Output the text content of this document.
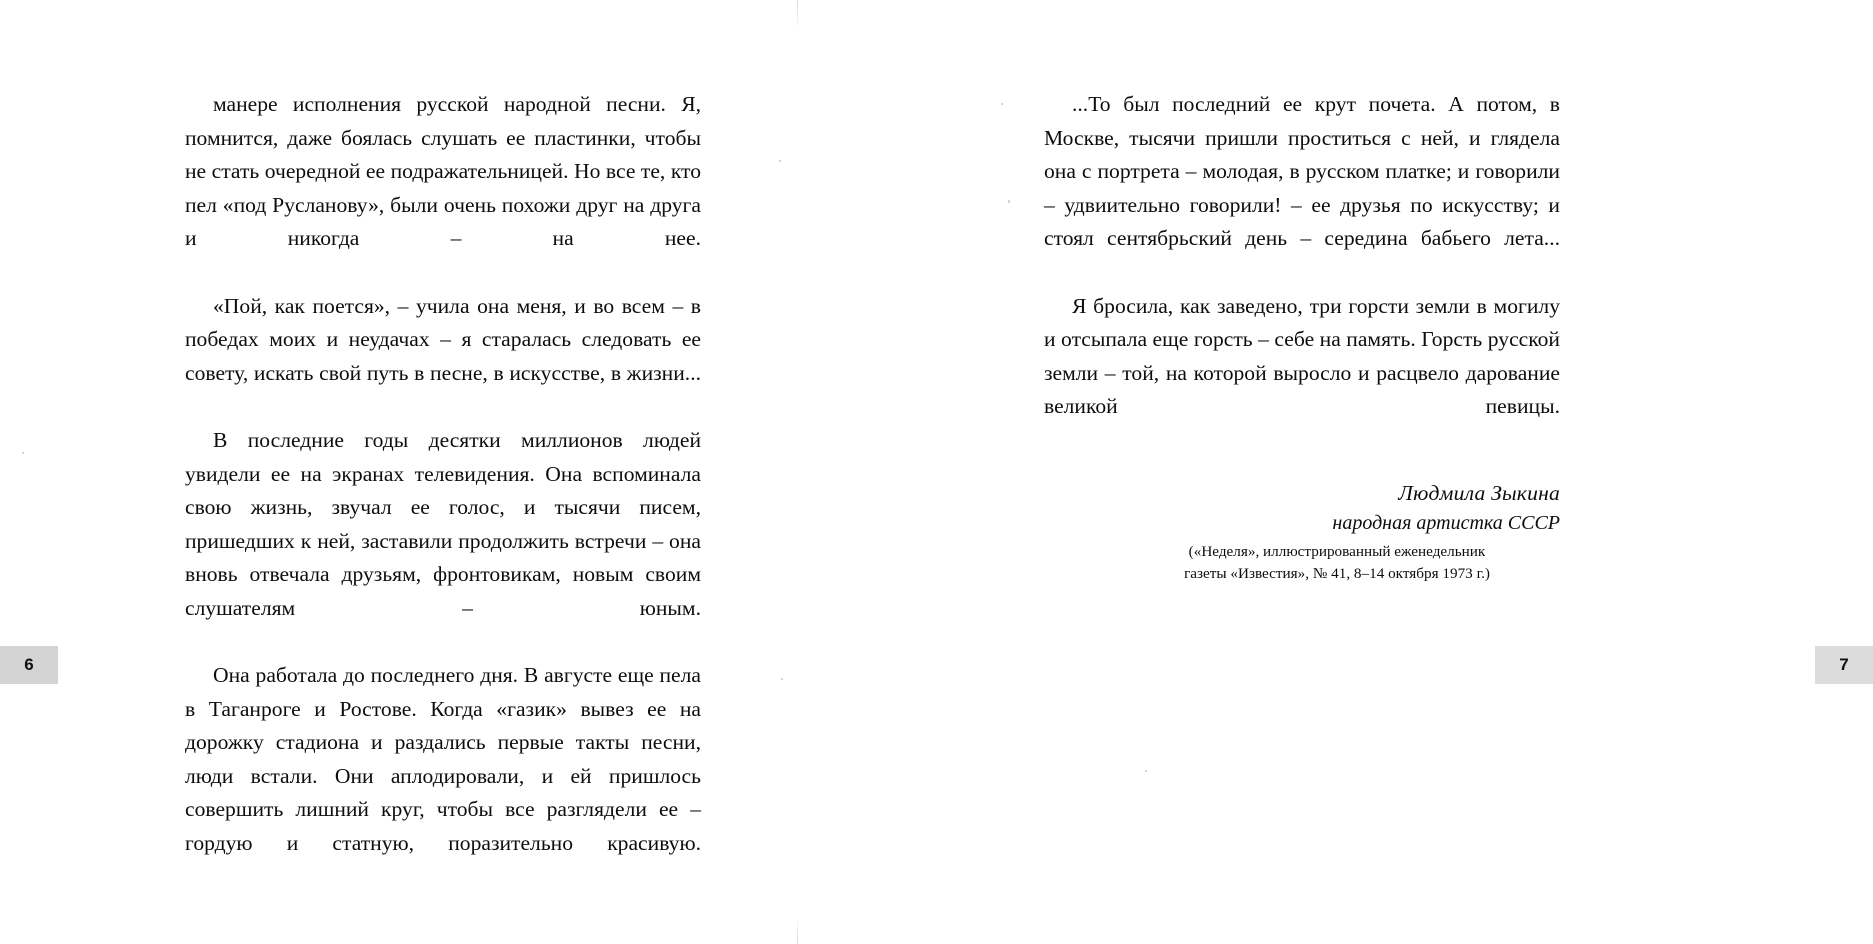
манере исполнения русской народной песни. Я, помнится, даже боялась слушать ее пластинки, чтобы не стать очередной ее подражательницей. Но все те, кто пел «под Русланову», были очень похожи друг на друга и никогда – на нее.

«Пой, как поется», – учила она меня, и во всем – в победах моих и неудачах – я старалась следовать ее совету, искать свой путь в песне, в искусстве, в жизни...

В последние годы десятки миллионов людей увидели ее на экранах телевидения. Она вспоминала свою жизнь, звучал ее голос, и тысячи писем, пришедших к ней, заставили продолжить встречи – она вновь отвечала друзьям, фронтовикам, новым своим слушателям – юным.

Она работала до последнего дня. В августе еще пела в Таганроге и Ростове. Когда «газик» вывез ее на дорожку стадиона и раздались первые такты песни, люди встали. Они аплодировали, и ей пришлось совершить лишний круг, чтобы все разглядели ее – гордую и статную, поразительно красивую.

...То был последний ее крут почета. А потом, в Москве, тысячи пришли проститься с ней, и глядела она с портрета – молодая, в русском платке; и говорили – удвиительно говорили! – ее друзья по искусству; и стоял сентябрьский день – середина бабьего лета...

Я бросила, как заведено, три горсти земли в могилу и отсыпала еще горсть – себе на память. Горсть русской земли – той, на которой выросло и расцвело дарование великой певицы.

Людмила Зыкина
народная артистка СССР
(«Неделя», иллюстрированный еженедельник
газеты «Известия», № 41, 8–14 октября 1973 г.)
6	7
